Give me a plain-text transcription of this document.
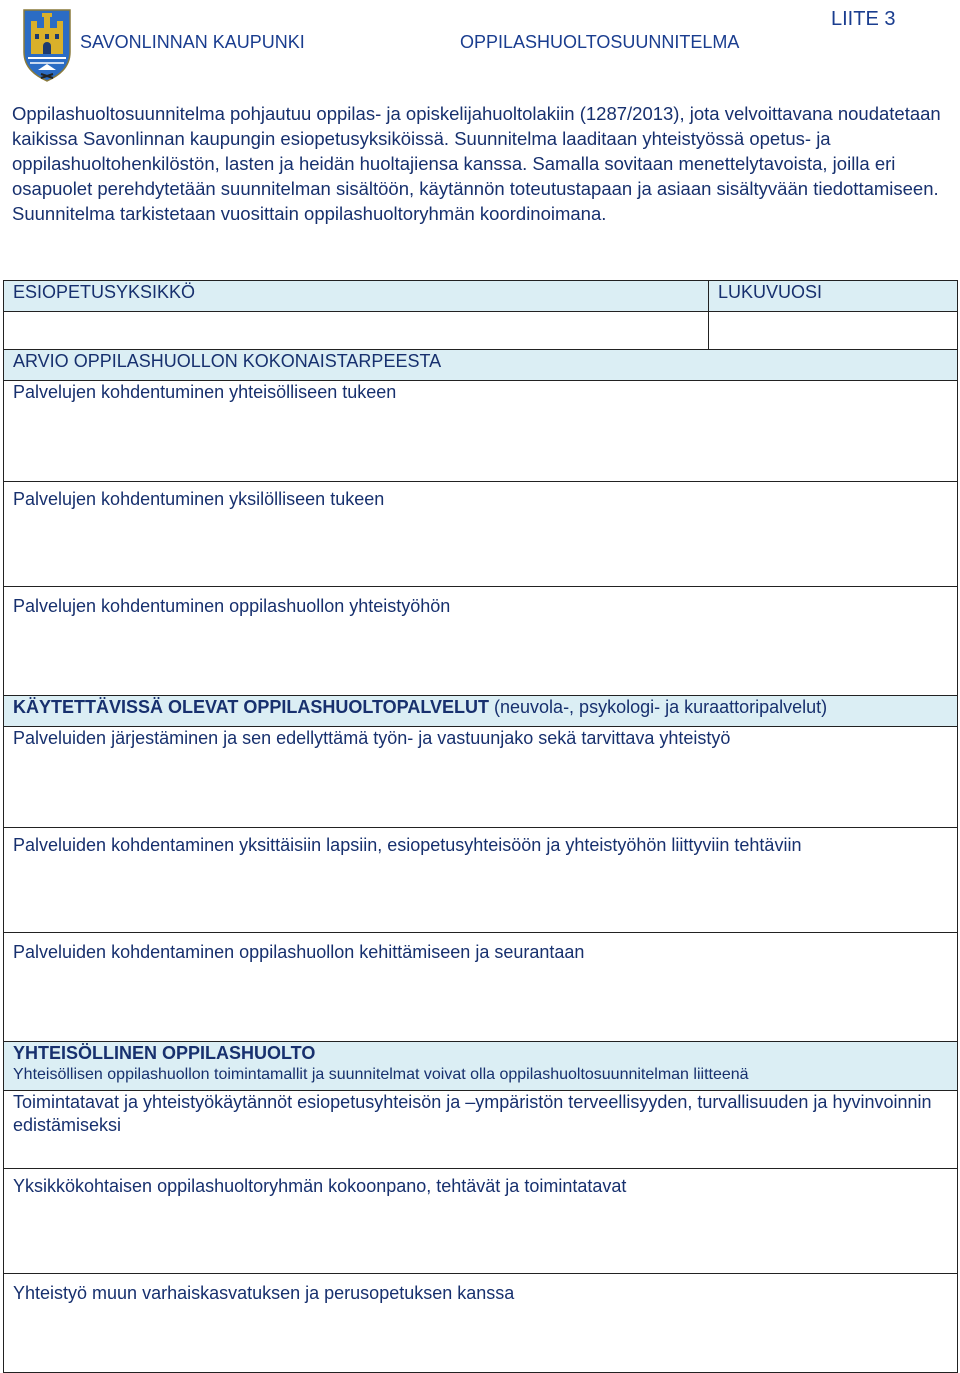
SAVONLINNAN KAUPUNKI	OPPILASHUOLTOSUUNNITELMA
LIITE 3

Oppilashuoltosuunnitelma pohjautuu oppilas- ja opiskelijahuoltolakiin (1287/2013), jota velvoittavana noudatetaan kaikissa Savonlinnan kaupungin esiopetusyksiköissä. Suunnitelma laaditaan yhteistyössä opetus- ja oppilashuoltohenkilöstön, lasten ja heidän huoltajiensa kanssa. Samalla sovitaan menettelytavoista, joilla eri osapuolet perehdytetään suunnitelman sisältöön, käytännön toteutustapaan ja asiaan sisältyvään tiedottamiseen. Suunnitelma tarkistetaan vuosittain oppilashuoltoryhmän koordinoimana.

ESIOPETUSYKSIKKÖ	LUKUVUOSI

ARVIO OPPILASHUOLLON KOKONAISTARPEESTA	
Palvelujen kohdentuminen yhteisölliseen tukeen	
Palvelujen kohdentuminen yksilölliseen tukeen	
Palvelujen kohdentuminen oppilashuollon yhteistyöhön	
KÄYTETTÄVISSÄ OLEVAT OPPILASHUOLTOPALVELUT (neuvola-, psykologi- ja kuraattoripalvelut)	
Palveluiden järjestäminen ja sen edellyttämä työn- ja vastuunjako sekä tarvittava yhteistyö	
Palveluiden kohdentaminen yksittäisiin lapsiin, esiopetusyhteisöön ja yhteistyöhön liittyviin tehtäviin	
Palveluiden kohdentaminen oppilashuollon kehittämiseen ja seurantaan	
YHTEISÖLLINEN OPPILASHUOLTO
Yhteisöllisen oppilashuollon toimintamallit ja suunnitelmat voivat olla oppilashuoltosuunnitelman liitteenä	

Toimintatavat ja yhteistyökäytännöt esiopetusyhteisön ja –ympäristön terveellisyyden, turvallisuuden ja hyvinvoinnin edistämiseksi	
Yksikkökohtaisen oppilashuoltoryhmän kokoonpano, tehtävät ja toimintatavat	
Yhteistyö muun varhaiskasvatuksen ja perusopetuksen kanssa	
